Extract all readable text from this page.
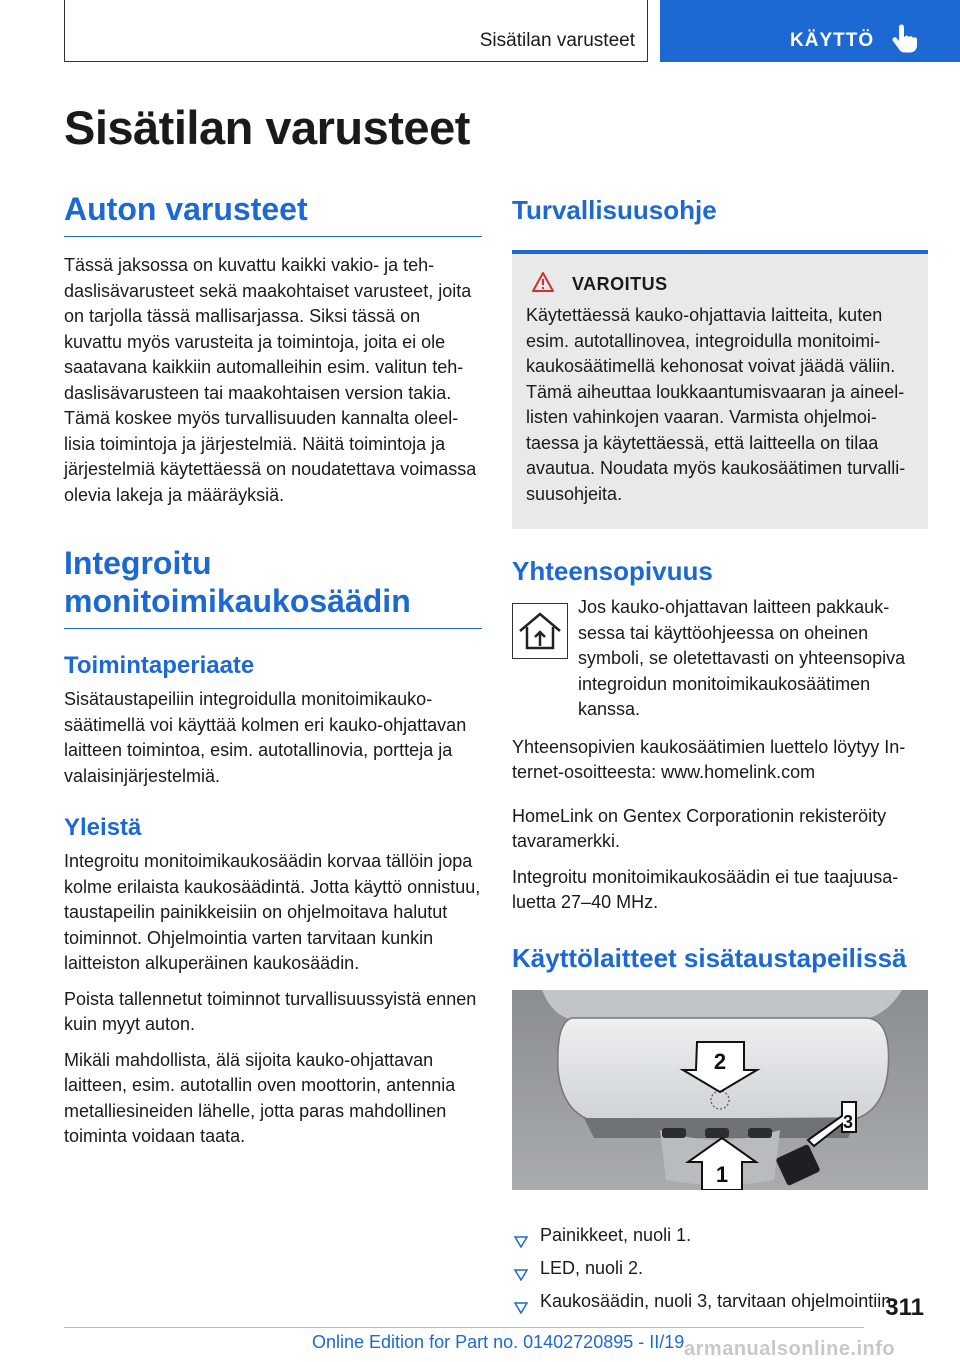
Sisätilan varusteet	KÄYTTÖ
Sisätilan varusteet
Auton varusteet

Tässä jaksossa on kuvattu kaikki vakio- ja tehdaslisävarusteet sekä maakohtaiset varusteet, joita on tarjolla tässä mallisarjassa. Siksi tässä on kuvattu myös varusteita ja toimintoja, joita ei ole saatavana kaikkiin automalleihin esim. valitun tehdaslisävarusteen tai maakohtaisen version takia. Tämä koskee myös turvallisuuden kannalta oleellisia toimintoja ja järjestelmiä. Näitä toimintoja ja järjestelmiä käytettäessä on noudatettava voimassa olevia lakeja ja määräyksiä.

Integroitu monitoimikaukosäädin
Toimintaperiaate

Sisätaustapeiliin integroidulla monitoimikaukosäätimellä voi käyttää kolmen eri kauko-ohjattavan laitteen toimintoa, esim. autotallinovia, portteja ja valaisinjärjestelmiä.

Yleistä

Integroitu monitoimikaukosäädin korvaa tällöin jopa kolme erilaista kaukosäädintä. Jotta käyttö onnistuu, taustapeilin painikkeisiin on ohjelmoitava halutut toiminnot. Ohjelmointia varten tarvitaan kunkin laitteiston alkuperäinen kaukosäädin.

Poista tallennetut toiminnot turvallisuussyistä ennen kuin myyt auton.

Mikäli mahdollista, älä sijoita kauko-ohjattavan laitteen, esim. autotallin oven moottorin, antennia metalliesineiden lähelle, jotta paras mahdollinen toiminta voidaan taata.

Turvallisuusohje
VAROITUS

Käytettäessä kauko-ohjattavia laitteita, kuten esim. autotallinovea, integroidulla monitoimikaukosäätimellä kehonosat voivat jäädä väliin. Tämä aiheuttaa loukkaantumisvaaran ja aineellisten vahinkojen vaaran. Varmista ohjelmoitaessa ja käytettäessä, että laitteella on tilaa avautua. Noudata myös kaukosäätimen turvallisuusohjeita.

Yhteensopivuus

Jos kauko-ohjattavan laitteen pakkauksessa tai käyttöohjeessa on oheinen symboli, se oletettavasti on yhteensopiva integroidun monitoimikaukosäätimen kanssa.

Yhteensopivien kaukosäätimien luettelo löytyy Internet-osoitteesta: www.homelink.com

HomeLink on Gentex Corporationin rekisteröity tavaramerkki.

Integroitu monitoimikaukosäädin ei tue taajuusaluetta 27–40 MHz.

Käyttölaitteet sisätaustapeilissä
2
1
3
Painikkeet, nuoli 1.
LED, nuoli 2.
Kaukosäädin, nuoli 3, tarvitaan ohjelmointiin.
311
Online Edition for Part no. 01402720895 - II/19 armanualsonline.info
